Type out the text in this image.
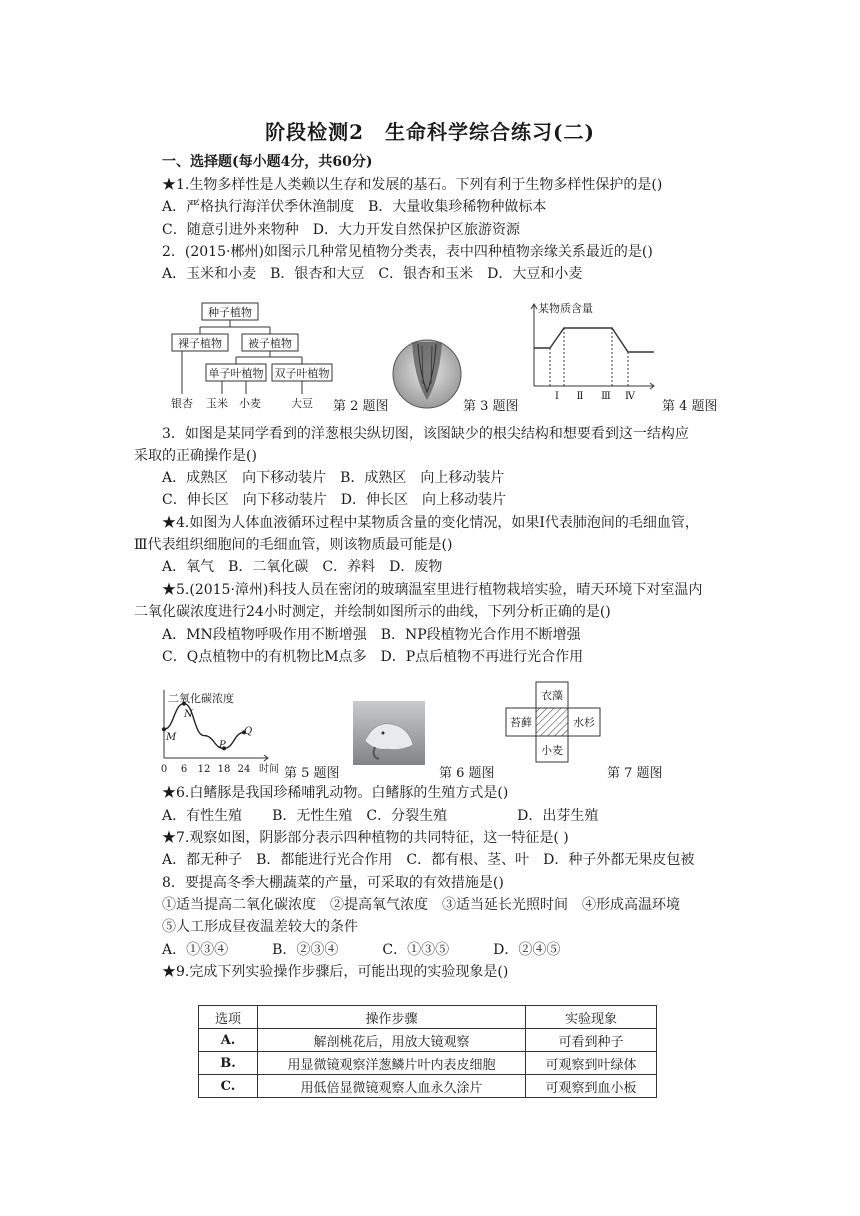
阶段检测2　生命科学综合练习(二)
一、选择题(每小题4分，共60分)
★1.生物多样性是人类赖以生存和发展的基石。下列有利于生物多样性保护的是()
A．严格执行海洋伏季休渔制度 B．大量收集珍稀物种做标本
C．随意引进外来物种 D．大力开发自然保护区旅游资源
2．(2015·郴州)如图示几种常见植物分类表，表中四种植物亲缘关系最近的是()
A．玉米和小麦 B．银杏和大豆 C．银杏和玉米 D．大豆和小麦
种子植物
裸子植物 被子植物
单子叶植物 双子叶植物
银杏 玉米 小麦	大豆 第 2 题图	第 3 题图
某物质含量
Ⅰ Ⅱ Ⅲ Ⅳ
第 4 题图
3．如图是某同学看到的洋葱根尖纵切图，该图缺少的根尖结构和想要看到这一结构应
采取的正确操作是()
A．成熟区　向下移动装片 B．成熟区　向上移动装片
C．伸长区　向下移动装片 D．伸长区　向上移动装片
★4.如图为人体血液循环过程中某物质含量的变化情况，如果Ⅰ代表肺泡间的毛细血管，
Ⅲ代表组织细胞间的毛细血管，则该物质最可能是()
A．氧气 B．二氧化碳 C．养料 D．废物
★5.(2015·漳州)科技人员在密闭的玻璃温室里进行植物栽培实验，晴天环境下对室温内
二氧化碳浓度进行24小时测定，并绘制如图所示的曲线，下列分析正确的是()
A．MN段植物呼吸作用不断增强 B．NP段植物光合作用不断增强
C．Q点植物中的有机物比M点多 D．P点后植物不再进行光合作用
二氧化碳浓度
0 6 12 18 24 时间
M
N
P
Q
第 5 题图	第 6 题图
衣藻
苔藓	水杉
小麦
第 7 题图
★6.白鳍豚是我国珍稀哺乳动物。白鳍豚的生殖方式是()
A．有性生殖 B．无性生殖 C．分裂生殖	D．出芽生殖
★7.观察如图，阴影部分表示四种植物的共同特征，这一特征是( )
A．都无种子 B．都能进行光合作用 C．都有根、茎、叶 D．种子外都无果皮包被
8．要提高冬季大棚蔬菜的产量，可采取的有效措施是()
①适当提高二氧化碳浓度　②提高氧气浓度　③适当延长光照时间　④形成高温环境
⑤人工形成昼夜温差较大的条件
A．①③④	B．②③④	C．①③⑤	D．②④⑤
★9.完成下列实验操作步骤后，可能出现的实验现象是()
选项	操作步骤	实验现象
A.	解剖桃花后，用放大镜观察	可看到种子
B.	用显微镜观察洋葱鳞片叶内表皮细胞	可观察到叶绿体
C.	用低倍显微镜观察人血永久涂片	可观察到血小板
